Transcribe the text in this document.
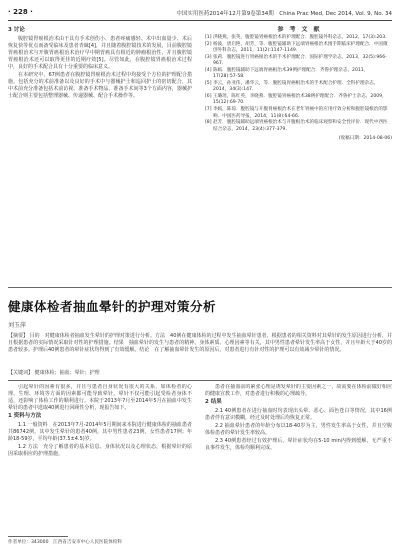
· 228 ·	中国实用医药2014年12月第9卷第34期　China Prac Med, Dec 2014, Vol. 9, No. 34
3 讨论

腹腔镜胃癌根治术由于具有手术创伤小、患者疼痛感轻、术中出血量少、术后恢复快等优点而备受临床及患者青睐[4]，并且随着腹腔镜技术的发展，目前腹腔镜胃癌根治术与开腹胃癌根治术治疗早中期胃癌具有相近的肿瘤根治性，并且腹腔镜胃癌根治术还可以取得更佳的近期疗效[5]。尽管如此，在腹腔镜胃癌根治术过程中，良好的手术配合具有十分重要的临床意义。

在本研究中，67例患者在腹腔镜胃癌根治术过程中均接受个方位的护理配合措施，包括充分的术前准备以及良好的手术中与器械护士和巡回护士的密切配合，其中术前充分准备包括术前访视、准备手术物品、准备手术间等3个方面内容，器械护士配合则主要包括整理器械、传递器械、配合手术操作等。

参　考　文　献
[1] 洪晓燕，张英，腹腔镜胃癌根治术的护理配合．腹腔镜外科杂志，2012，17(3):203．
[2] 杨波，唐启艳，胡芳，等．腹腔镜辅助下远端胃癌根治术围手期临床护理配合．中国微创外科杂志，2011，11(2):1147-1149．
[3] 张莉．腹腔镜进行胃癌根治术的手术护理配合．国际护理学杂志，2013，32(5):966-967．
[4] 陈嫣．腹腔镜辅助下远端胃癌根治术39例护理配合．齐鲁护理杂志，2011，17(28):57-58．
[5] 李云，孙亚伟，潘华云，等．腹腔镜胃癌根治术的手术配合护理．全科护理杂志，2014，34(3):147．
[6] 王璐瑶，陈红英，李晓燕．腹腔镜胃癌根治术38例护理配合．齐鲁护士杂志，2009，15(12):69-70．
[7] 李嫣，陈琼．腹腔镜与开腹胃癌根治术在老年胃癌中的应用疗效分析和腹腔镜根治的影响．中国医药导报，2014，11(8):64-66．
[8] 赵芳．腹腔镜辅助远端胃癌根治术与开腹根治术的临床观察和安全性评价．现代中西医结合杂志，2014，23(4):377-379．
(收稿日期：2014-08-06)
健康体检者抽血晕针的护理对策分析
刘玉萍
【摘要】 目的　对健康体检者抽血发生晕针的护理对策进行分析。方法　40例在健康体检的过程中发生抽血晕针患者，根据患者的相关资料对其晕针的发生原因进行分析，并且根据患者的实际情况采取针对性的护理措施。结果　抽血晕针的发生与患者的精神、身体素质、心理因素等有关，其中男性患者晕针发生率高于女性，并且年龄大于40岁的患者较多。护理后40例患者的晕针症状均得到了有效缓解。结论　在了解抽血晕针发生的原因后，对患者进行有针对性的护理可以有效减少晕针的情况。
【关键词】 健康体检；抽血；晕针；护理

引起晕针的因素有很多，并且与患者自身状况有很大的关系，如体检者的心理、生理、环境等方面的因素都可能导致晕针。晕针不仅可能引起受检者身体不适，还影响了体检工作的顺利进行。本院于2013年7月至2014年5月在抽血中发生晕针的患者中选取40例进行回顾性分析，现报告如下。

1 资料与方法

1.1 一般资料　在2013年7月-2014年5月期间来本院进行健康体检的抽血患者共86742例，其中发生晕针的患者40例，其中男性患者23例，女性患者17例；年龄18-59岁，平均年龄(37.5±4.5)岁。

1.2 方法　充分了解患者的基本信息、身体状况以及心理状态，根据晕针的原因采取相应的护理措施。

患者在抽血前的紧张心理是诱发晕针的主要因素之一，故需要在体检前做好相应的健康宣教工作，对患者进行积极的心理疏导。

2 结果

2.1 40例患者在进行抽血时均表现出头晕、恶心、面色苍白等情况，其中16例患者伴有意识模糊，经过及时处理后均恢复正常。

2.2 抽血晕针患者的年龄分布以18-40岁为主，男性发生率高于女性，并且空腹体检患者的晕针发生率较高。

2.3 40例患者经过有效护理后，晕针症状均在5-10 min内得到缓解，无严重不良事件发生，体检均顺利完成。

作者单位：343000　江西省吉安市中心人民医院体检科
